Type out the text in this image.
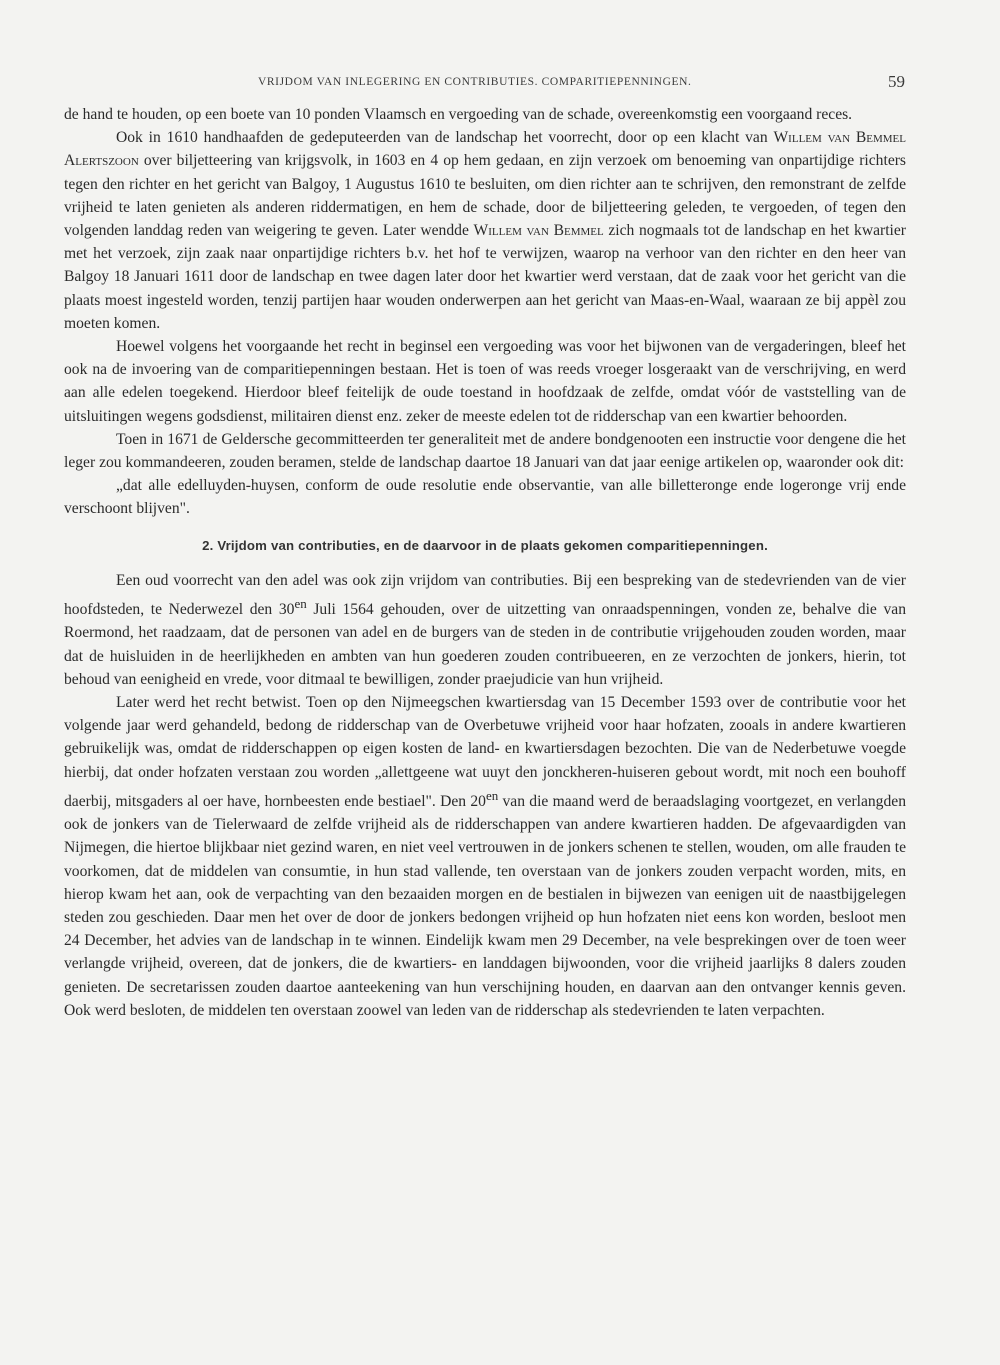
VRIJDOM VAN INLEGERING EN CONTRIBUTIES. COMPARITIEPENNINGEN.	59

de hand te houden, op een boete van 10 ponden Vlaamsch en vergoeding van de schade, overeenkomstig een voorgaand reces.

Ook in 1610 handhaafden de gedeputeerden van de landschap het voorrecht, door op een klacht van Willem van Bemmel Alertszoon over biljetteering van krijgsvolk, in 1603 en 4 op hem gedaan, en zijn verzoek om benoeming van onpartijdige richters tegen den richter en het gericht van Balgoy, 1 Augustus 1610 te besluiten, om dien richter aan te schrijven, den remonstrant de zelfde vrijheid te laten genieten als anderen riddermatigen, en hem de schade, door de biljetteering geleden, te vergoeden, of tegen den volgenden landdag reden van weigering te geven. Later wendde Willem van Bemmel zich nogmaals tot de landschap en het kwartier met het verzoek, zijn zaak naar onpartijdige richters b.v. het hof te verwijzen, waarop na verhoor van den richter en den heer van Balgoy 18 Januari 1611 door de landschap en twee dagen later door het kwartier werd verstaan, dat de zaak voor het gericht van die plaats moest ingesteld worden, tenzij partijen haar wouden onderwerpen aan het gericht van Maas-en-Waal, waaraan ze bij appèl zou moeten komen.

Hoewel volgens het voorgaande het recht in beginsel een vergoeding was voor het bijwonen van de vergaderingen, bleef het ook na de invoering van de comparitiepenningen bestaan. Het is toen of was reeds vroeger losgeraakt van de verschrijving, en werd aan alle edelen toegekend. Hierdoor bleef feitelijk de oude toestand in hoofdzaak de zelfde, omdat vóór de vaststelling van de uitsluitingen wegens godsdienst, militairen dienst enz. zeker de meeste edelen tot de ridderschap van een kwartier behoorden.

Toen in 1671 de Geldersche gecommitteerden ter generaliteit met de andere bondgenooten een instructie voor dengene die het leger zou kommandeeren, zouden beramen, stelde de landschap daartoe 18 Januari van dat jaar eenige artikelen op, waaronder ook dit:

„dat alle edelluyden-huysen, conform de oude resolutie ende observantie, van alle billetteronge ende logeronge vrij ende verschoont blijven".

2. Vrijdom van contributies, en de daarvoor in de plaats gekomen comparitiepenningen.

Een oud voorrecht van den adel was ook zijn vrijdom van contributies. Bij een bespreking van de stedevrienden van de vier hoofdsteden, te Nederwezel den $30^{en}$ Juli 1564 gehouden, over de uitzetting van onraadspenningen, vonden ze, behalve die van Roermond, het raadzaam, dat de personen van adel en de burgers van de steden in de contributie vrijgehouden zouden worden, maar dat de huisluiden in de heerlijkheden en ambten van hun goederen zouden contribueeren, en ze verzochten de jonkers, hierin, tot behoud van eenigheid en vrede, voor ditmaal te bewilligen, zonder praejudicie van hun vrijheid.

Later werd het recht betwist. Toen op den Nijmeegschen kwartiersdag van 15 December 1593 over de contributie voor het volgende jaar werd gehandeld, bedong de ridderschap van de Overbetuwe vrijheid voor haar hofzaten, zooals in andere kwartieren gebruikelijk was, omdat de ridderschappen op eigen kosten de land- en kwartiersdagen bezochten. Die van de Nederbetuwe voegde hierbij, dat onder hofzaten verstaan zou worden „allettgeene wat uuyt den jonckheren-huiseren gebout wordt, mit noch een bouhoff daerbij, mitsgaders al oer have, hornbeesten ende bestiael". Den $20^{en}$ van die maand werd de beraadslaging voortgezet, en verlangden ook de jonkers van de Tielerwaard de zelfde vrijheid als de ridderschappen van andere kwartieren hadden. De afgevaardigden van Nijmegen, die hiertoe blijkbaar niet gezind waren, en niet veel vertrouwen in de jonkers schenen te stellen, wouden, om alle frauden te voorkomen, dat de middelen van consumtie, in hun stad vallende, ten overstaan van de jonkers zouden verpacht worden, mits, en hierop kwam het aan, ook de verpachting van den bezaaiden morgen en de bestialen in bijwezen van eenigen uit de naastbijgelegen steden zou geschieden. Daar men het over de door de jonkers bedongen vrijheid op hun hofzaten niet eens kon worden, besloot men 24 December, het advies van de landschap in te winnen. Eindelijk kwam men 29 December, na vele besprekingen over de toen weer verlangde vrijheid, overeen, dat de jonkers, die de kwartiers- en landdagen bijwoonden, voor die vrijheid jaarlijks 8 dalers zouden genieten. De secretarissen zouden daartoe aanteekening van hun verschijning houden, en daarvan aan den ontvanger kennis geven. Ook werd besloten, de middelen ten overstaan zoowel van leden van de ridderschap als stedevrienden te laten verpachten.
